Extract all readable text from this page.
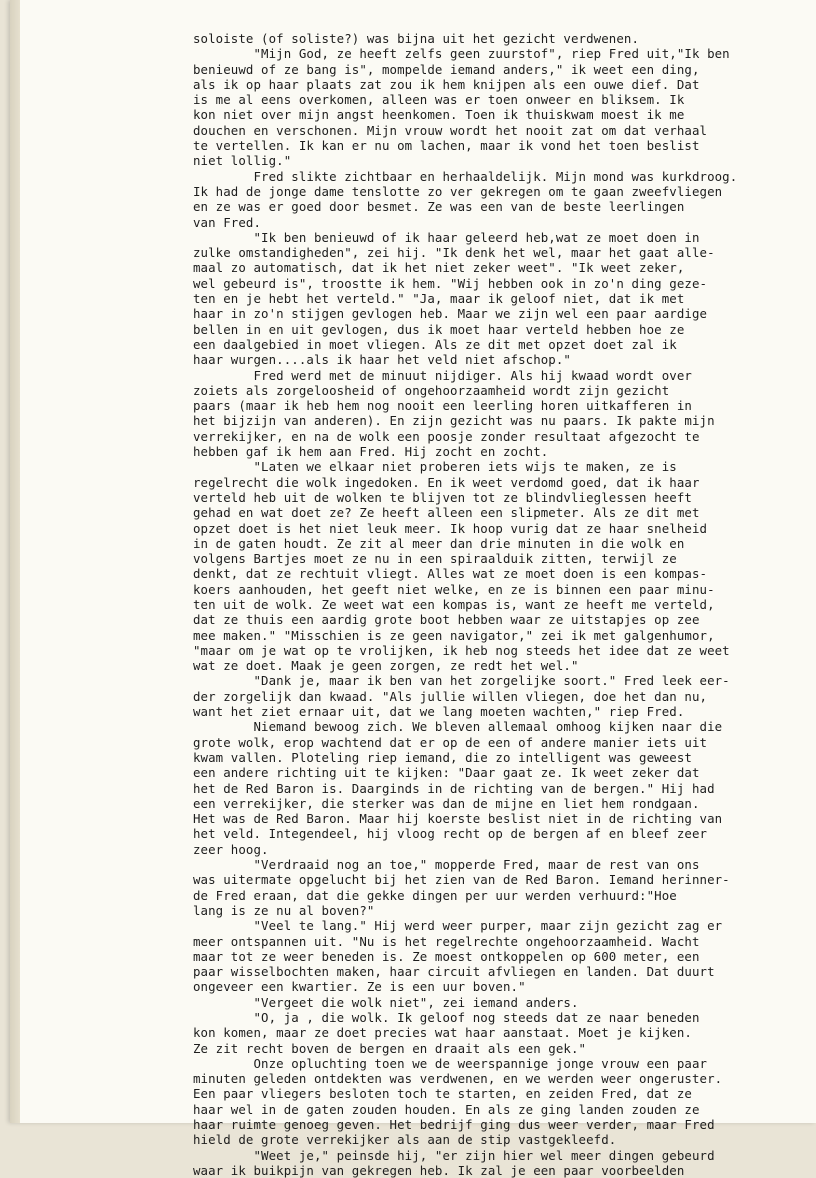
soloiste (of soliste?) was bijna uit het gezicht verdwenen.
"Mijn God, ze heeft zelfs geen zuurstof", riep Fred uit,"Ik ben
benieuwd of ze bang is", mompelde iemand anders," ik weet een ding,
als ik op haar plaats zat zou ik hem knijpen als een ouwe dief. Dat
is me al eens overkomen, alleen was er toen onweer en bliksem. Ik
kon niet over mijn angst heenkomen. Toen ik thuiskwam moest ik me
douchen en verschonen. Mijn vrouw wordt het nooit zat om dat verhaal
te vertellen. Ik kan er nu om lachen, maar ik vond het toen beslist
niet lollig."
Fred slikte zichtbaar en herhaaldelijk. Mijn mond was kurkdroog.
Ik had de jonge dame tenslotte zo ver gekregen om te gaan zweefvliegen
en ze was er goed door besmet. Ze was een van de beste leerlingen
van Fred.
"Ik ben benieuwd of ik haar geleerd heb,wat ze moet doen in
zulke omstandigheden", zei hij. "Ik denk het wel, maar het gaat alle-
maal zo automatisch, dat ik het niet zeker weet". "Ik weet zeker,
wel gebeurd is", troostte ik hem. "Wij hebben ook in zo'n ding geze-
ten en je hebt het verteld." "Ja, maar ik geloof niet, dat ik met
haar in zo'n stijgen gevlogen heb. Maar we zijn wel een paar aardige
bellen in en uit gevlogen, dus ik moet haar verteld hebben hoe ze
een daalgebied in moet vliegen. Als ze dit met opzet doet zal ik
haar wurgen....als ik haar het veld niet afschop."
Fred werd met de minuut nijdiger. Als hij kwaad wordt over
zoiets als zorgeloosheid of ongehoorzaamheid wordt zijn gezicht
paars (maar ik heb hem nog nooit een leerling horen uitkafferen in
het bijzijn van anderen). En zijn gezicht was nu paars. Ik pakte mijn
verrekijker, en na de wolk een poosje zonder resultaat afgezocht te
hebben gaf ik hem aan Fred. Hij zocht en zocht.
"Laten we elkaar niet proberen iets wijs te maken, ze is
regelrecht die wolk ingedoken. En ik weet verdomd goed, dat ik haar
verteld heb uit de wolken te blijven tot ze blindvlieglessen heeft
gehad en wat doet ze? Ze heeft alleen een slipmeter. Als ze dit met
opzet doet is het niet leuk meer. Ik hoop vurig dat ze haar snelheid
in de gaten houdt. Ze zit al meer dan drie minuten in die wolk en
volgens Bartjes moet ze nu in een spiraalduik zitten, terwijl ze
denkt, dat ze rechtuit vliegt. Alles wat ze moet doen is een kompas-
koers aanhouden, het geeft niet welke, en ze is binnen een paar minu-
ten uit de wolk. Ze weet wat een kompas is, want ze heeft me verteld,
dat ze thuis een aardig grote boot hebben waar ze uitstapjes op zee
mee maken." "Misschien is ze geen navigator," zei ik met galgenhumor,
"maar om je wat op te vrolijken, ik heb nog steeds het idee dat ze weet
wat ze doet. Maak je geen zorgen, ze redt het wel."
"Dank je, maar ik ben van het zorgelijke soort." Fred leek eer-
der zorgelijk dan kwaad. "Als jullie willen vliegen, doe het dan nu,
want het ziet ernaar uit, dat we lang moeten wachten," riep Fred.
Niemand bewoog zich. We bleven allemaal omhoog kijken naar die
grote wolk, erop wachtend dat er op de een of andere manier iets uit
kwam vallen. Ploteling riep iemand, die zo intelligent was geweest
een andere richting uit te kijken: "Daar gaat ze. Ik weet zeker dat
het de Red Baron is. Daarginds in de richting van de bergen." Hij had
een verrekijker, die sterker was dan de mijne en liet hem rondgaan.
Het was de Red Baron. Maar hij koerste beslist niet in de richting van
het veld. Integendeel, hij vloog recht op de bergen af en bleef zeer
zeer hoog.
"Verdraaid nog an toe," mopperde Fred, maar de rest van ons
was uitermate opgelucht bij het zien van de Red Baron. Iemand herinner-
de Fred eraan, dat die gekke dingen per uur werden verhuurd:"Hoe
lang is ze nu al boven?"
"Veel te lang." Hij werd weer purper, maar zijn gezicht zag er
meer ontspannen uit. "Nu is het regelrechte ongehoorzaamheid. Wacht
maar tot ze weer beneden is. Ze moest ontkoppelen op 600 meter, een
paar wisselbochten maken, haar circuit afvliegen en landen. Dat duurt
ongeveer een kwartier. Ze is een uur boven."
"Vergeet die wolk niet", zei iemand anders.
"O, ja , die wolk. Ik geloof nog steeds dat ze naar beneden
kon komen, maar ze doet precies wat haar aanstaat. Moet je kijken.
Ze zit recht boven de bergen en draait als een gek."
Onze opluchting toen we de weerspannige jonge vrouw een paar
minuten geleden ontdekten was verdwenen, en we werden weer ongeruster.
Een paar vliegers besloten toch te starten, en zeiden Fred, dat ze
haar wel in de gaten zouden houden. En als ze ging landen zouden ze
haar ruimte genoeg geven. Het bedrijf ging dus weer verder, maar Fred
hield de grote verrekijker als aan de stip vastgekleefd.
"Weet je," peinsde hij, "er zijn hier wel meer dingen gebeurd
waar ik buikpijn van gekregen heb. Ik zal je een paar voorbeelden
